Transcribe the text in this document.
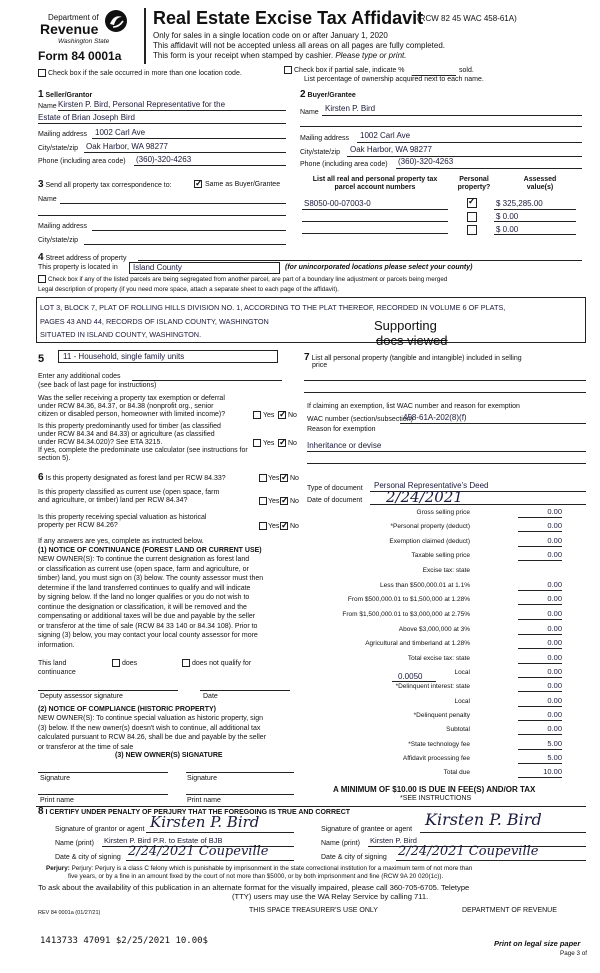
Department of
Revenue
Washington State
Form 84 0001a
Real Estate Excise Tax Affidavit
(RCW 82 45 WAC 458-61A)
Only for sales in a single location code on or after January 1, 2020
This affidavit will not be accepted unless all areas on all pages are fully completed.
This form is your receipt when stamped by cashier. Please type or print.
Check box if the sale occurred in more than one location code.	Check box if partial sale, indicate %	sold.
List percentage of ownership acquired next to each name.
1 Seller/Grantor
Name Kirsten P. Bird, Personal Representative for the
Estate of Brian Joseph Bird
Mailing address 1002 Carl Ave
City/state/zip Oak Harbor, WA 98277
Phone (including area code) (360)-320-4263
2 Buyer/Grantee
Name Kirsten P. Bird
Mailing address 1002 Carl Ave
City/state/zip Oak Harbor, WA 98277
Phone (including area code) (360)-320-4263
3 Send all property tax correspondence to: ✓	Same as Buyer/Grantee
Name
Mailing address
City/state/zip
List all real and personal property tax
parcel account numbers
Personal
property?
Assessed
value(s)
S8050-00-07003-0 ✓	$ 325,285.00
$ 0.00
$ 0.00
4 Street address of property
This property is located in Island County	(for unincorporated locations please select your county)
Check box if any of the listed parcels are being segregated from another parcel, are part of a boundary line adjustment or parcels being merged
Legal description of property (if you need more space, attach a separate sheet to each page of the affidavit).
LOT 3, BLOCK 7, PLAT OF ROLLING HILLS DIVISION NO. 1, ACCORDING TO THE PLAT THEREOF, RECORDED IN VOLUME 6 OF PLATS,
PAGES 43 AND 44, RECORDS OF ISLAND COUNTY, WASHINGTON
SITUATED IN ISLAND COUNTY, WASHINGTON.
Supporting
docs viewed
5 11 - Household, single family units
Enter any additional codes
(see back of last page for instructions)
Was the seller receiving a property tax exemption or deferral
under RCW 84.36, 84.37, or 84.38 (nonprofit org., senior
citizen or disabled person, homeowner with limited income)?	Yes ✓ No
Is this property predominantly used for timber (as classified
under RCW 84.34 and 84.33) or agriculture (as classified
under RCW 84.34.020)? See ETA 3215.	Yes ✓ No
If yes, complete the predominate use calculator (see instructions for
section 5).
6 Is this property designated as forest land per RCW 84.33?	Yes ✓ No
Is this property classified as current use (open space, farm
and agriculture, or timber) land per RCW 84.34?	Yes ✓ No
Is this property receiving special valuation as historical
property per RCW 84.26?	Yes ✓ No
If any answers are yes, complete as instructed below.
(1) NOTICE OF CONTINUANCE (FOREST LAND OR CURRENT USE)
NEW OWNER(S): To continue the current designation as forest land
or classification as current use (open space, farm and agriculture, or
timber) land, you must sign on (3) below. The county assessor must then
determine if the land transferred continues to qualify and will indicate
by signing below. If the land no longer qualifies or you do not wish to
continue the designation or classification, it will be removed and the
compensating or additional taxes will be due and payable by the seller
or transferor at the time of sale (RCW 84 33 140 or 84.34 108). Prior to
signing (3) below, you may contact your local county assessor for more
information.
This land
continuance
does	does not qualify for
Deputy assessor signature	Date
(2) NOTICE OF COMPLIANCE (HISTORIC PROPERTY)
NEW OWNER(S): To continue special valuation as historic property, sign
(3) below. If the new owner(s) doesn't wish to continue, all additional tax
calculated pursuant to RCW 84.26, shall be due and payable by the seller
or transferor at the time of sale
(3) NEW OWNER(S) SIGNATURE
Signature	Signature
Print name	Print name
7 List all personal property (tangible and intangible) included in selling
price
If claiming an exemption, list WAC number and reason for exemption
WAC number (section/subsection)
458-61A-202(8)(f)
Reason for exemption
Inheritance or devise
Type of document Personal Representative's Deed
Date of document 2/24/2021
Gross selling price	0.00
*Personal property (deduct)	0.00
Exemption claimed (deduct)	0.00
Taxable selling price	0.00
Excise tax: state
Less than $500,000.01 at 1.1%	0.00
From $500,000.01 to $1,500,000 at 1.28%	0.00
From $1,500,000.01 to $3,000,000 at 2.75%	0.00
Above $3,000,000 at 3%	0.00
Agricultural and timberland at 1.28%	0.00
Total excise tax: state	0.00
Local	0.00
*Delinquent interest: state	0.00
Local	0.00
*Delinquent penalty	0.00
Subtotal	0.00
*State technology fee	5.00
Affidavit processing fee	5.00
Total due	10.00
0.0050
A MINIMUM OF $10.00 IS DUE IN FEE(S) AND/OR TAX
*SEE INSTRUCTIONS
8 I CERTIFY UNDER PENALTY OF PERJURY THAT THE FOREGOING IS TRUE AND CORRECT
Signature of grantor or agent Kirsten P. Bird
Name (print) Kirsten P. Bird P.R. to Estate of BJB
Date & city of signing 2/24/2021 Coupeville
Signature of grantee or agent
Kirsten P. Bird
Name (print) Kirsten P. Bird
Date & city of signing 2/24/2021 Coupeville
Perjury: Perjury: Perjury is a class C felony which is punishable by imprisonment in the state correctional institution for a maximum term of not more than
five years, or by a fine in an amount fixed by the court of not more than $5000, or by both imprisonment and fine (RCW 9A 20 020(1c)).
To ask about the availability of this publication in an alternate format for the visually impaired, please call 360-705-6705. Teletype
(TTY) users may use the WA Relay Service by calling 711.
REV 84 0001a (01/27/21)	THIS SPACE TREASURER'S USE ONLY	DEPARTMENT OF REVENUE
1413733 47091 $2/25/2021 10.00$	Print on legal size paper
Page 3 of
